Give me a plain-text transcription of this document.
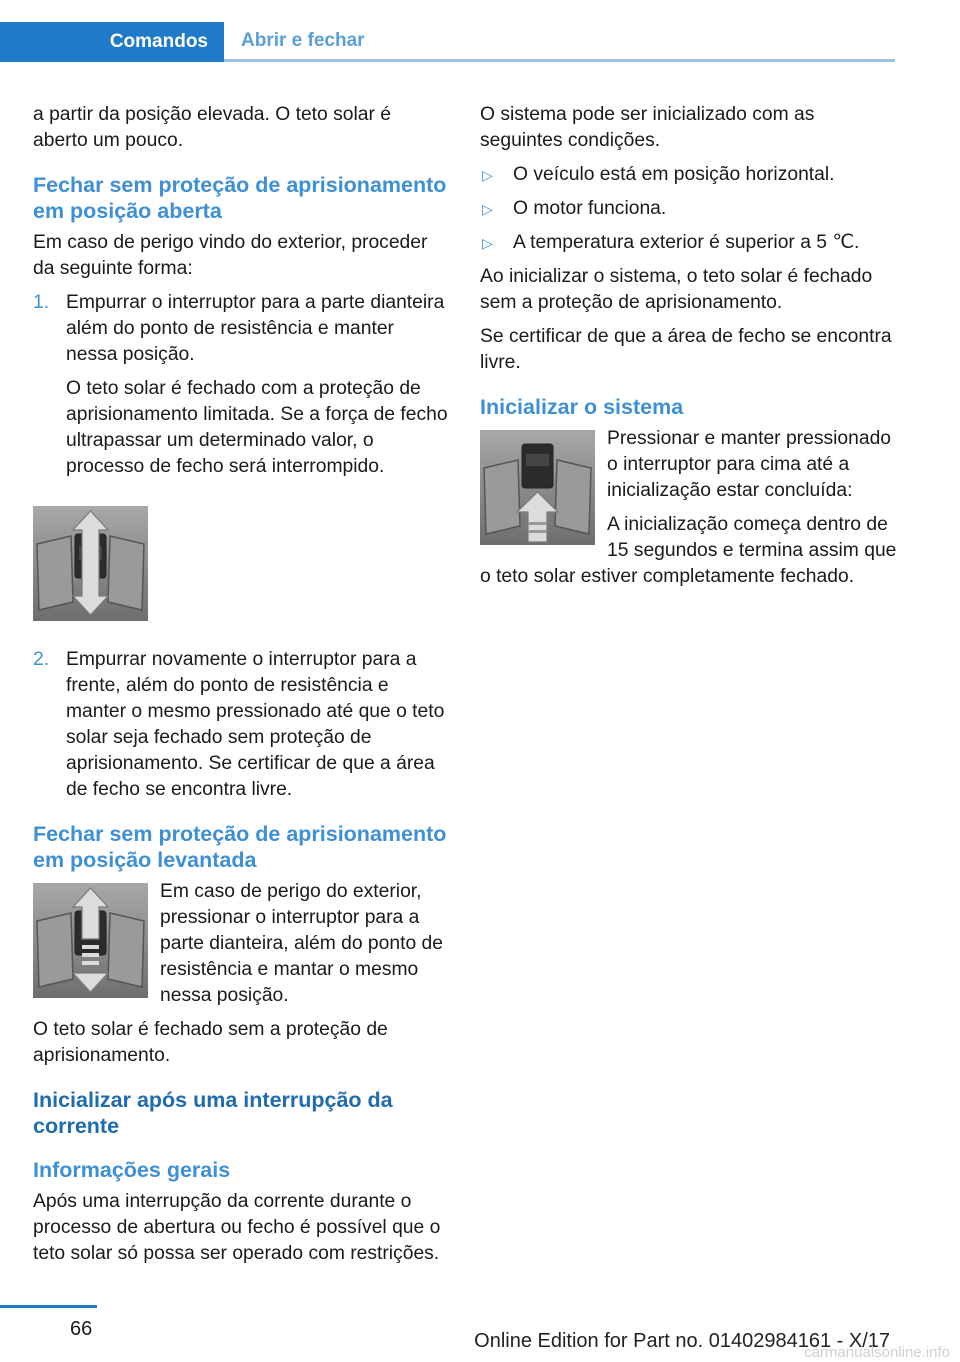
Comandos	Abrir e fechar

a partir da posição elevada. O teto solar é aberto um pouco.

Fechar sem proteção de aprisionamento em posição aberta

Em caso de perigo vindo do exterior, proceder da seguinte forma:

1. Empurrar o interruptor para a parte dianteira além do ponto de resistência e manter nessa posição.

O teto solar é fechado com a proteção de aprisionamento limitada. Se a força de fecho ultrapassar um determinado valor, o processo de fecho será interrompido.

2. Empurrar novamente o interruptor para a frente, além do ponto de resistência e manter o mesmo pressionado até que o teto solar seja fechado sem proteção de aprisionamento. Se certificar de que a área de fecho se encontra livre.

Fechar sem proteção de aprisionamento em posição levantada

Em caso de perigo do exterior, pressionar o interruptor para a parte dianteira, além do ponto de resistência e mantar o mesmo nessa posição.

O teto solar é fechado sem a proteção de aprisionamento.

Inicializar após uma interrupção da corrente
Informações gerais

Após uma interrupção da corrente durante o processo de abertura ou fecho é possível que o teto solar só possa ser operado com restrições.

O sistema pode ser inicializado com as seguintes condições.

▷ O veículo está em posição horizontal.
▷ O motor funciona.
▷ A temperatura exterior é superior a 5 ℃.

Ao inicializar o sistema, o teto solar é fechado sem a proteção de aprisionamento.

Se certificar de que a área de fecho se encontra livre.

Inicializar o sistema

Pressionar e manter pressionado o interruptor para cima até a inicialização estar concluída:

A inicialização começa dentro de 15 segundos e termina assim que o teto solar estiver completamente fechado.

66
Online Edition for Part no. 01402984161 - X/17
carmanualsonline.info
